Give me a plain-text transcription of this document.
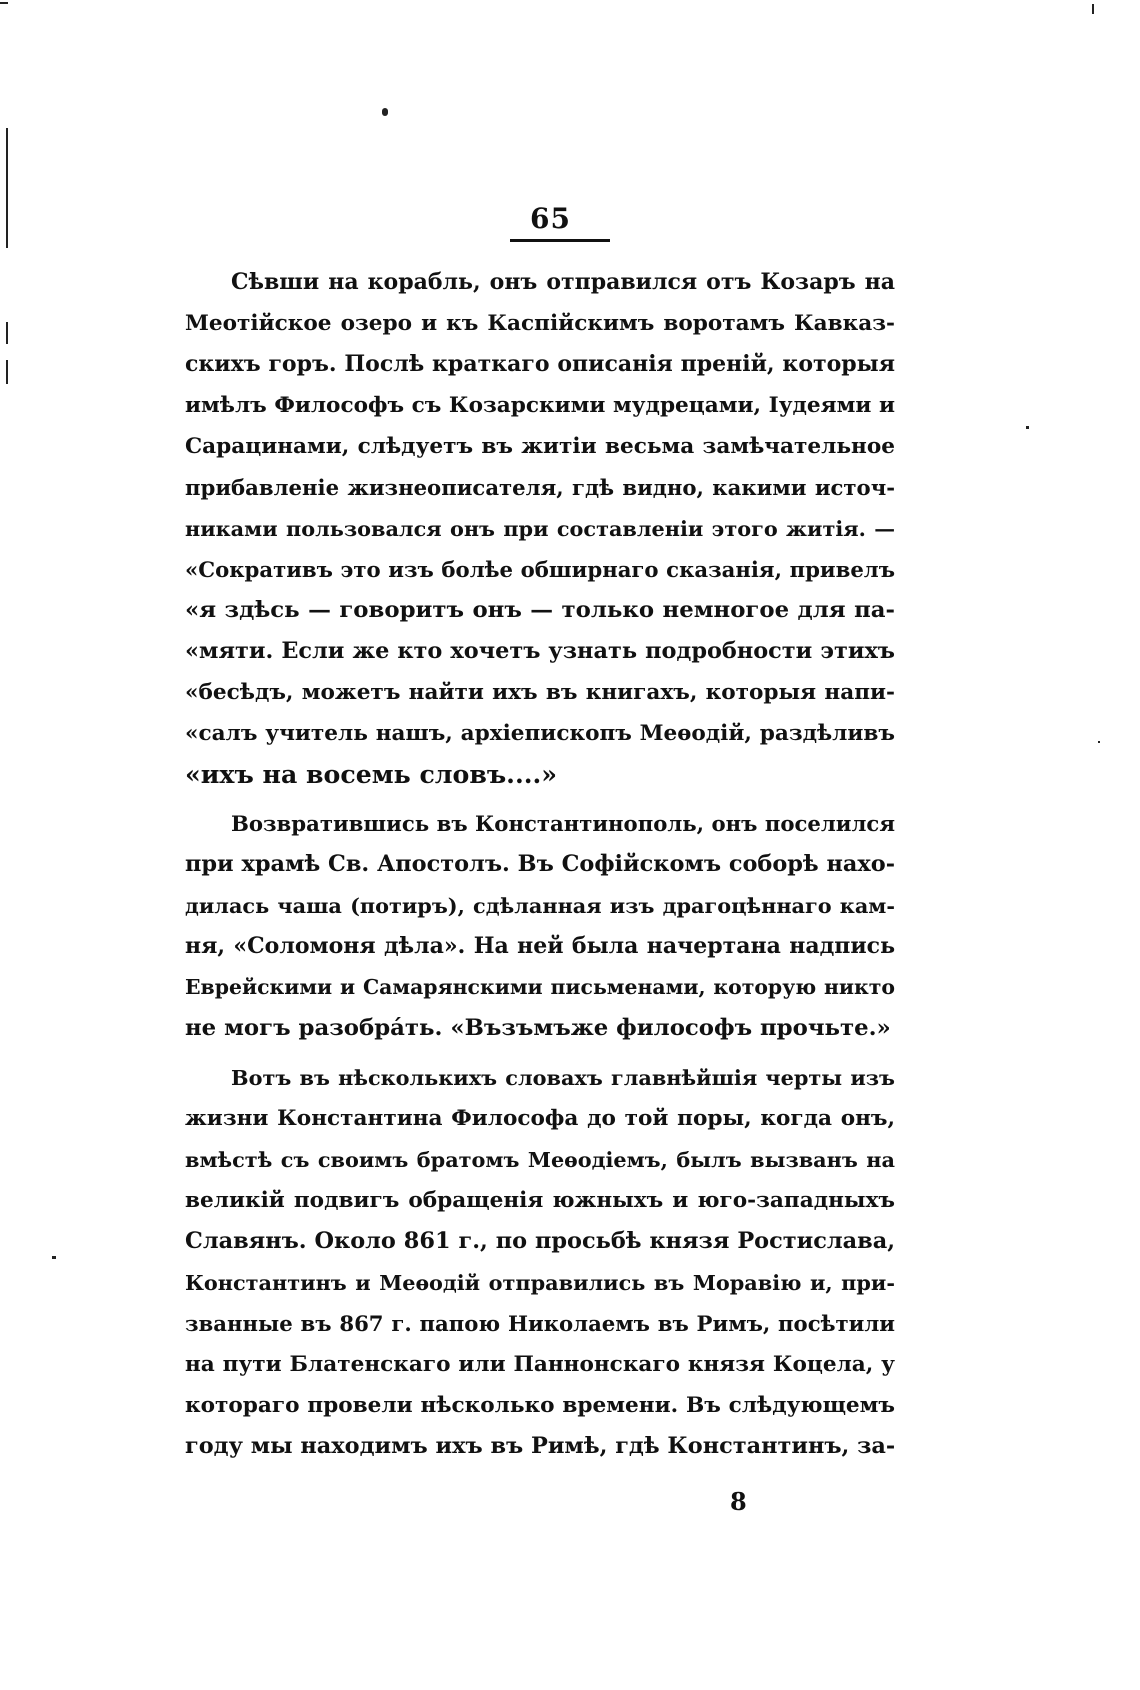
65
Сѣвши на корабль, онъ отправился отъ Козаръ на
Меотійское озеро и къ Каспійскимъ воротамъ Кавказ-
скихъ горъ. Послѣ краткаго описанія преній, которыя
имѣлъ Философъ съ Козарскими мудрецами, Іудеями и
Сарацинами, слѣдуетъ въ житіи весьма замѣчательное
прибавленіе жизнеописателя, гдѣ видно, какими источ-
никами пользовался онъ при составленіи этого житія. —
«Сокративъ это изъ болѣе обширнаго сказанія, привелъ
«я здѣсь — говоритъ онъ — только немногое для па-
«мяти. Если же кто хочетъ узнать подробности этихъ
«бесѣдъ, можетъ найти ихъ въ книгахъ, которыя напи-
«салъ учитель нашъ, архіепископъ Меѳодій, раздѣливъ
«ихъ на восемь словъ....»
Возвратившись въ Константинополь, онъ поселился
при храмѣ Св. Апостолъ. Въ Софійскомъ соборѣ нахо-
дилась чаша (потиръ), сдѣланная изъ драгоцѣннаго кам-
ня, «Соломоня дѣла». На ней была начертана надпись
Еврейскими и Самарянскими письменами, которую никто
не могъ разобрáть. «Възъмъже философъ прочьте.»
Вотъ въ нѣсколькихъ словахъ главнѣйшія черты изъ
жизни Константина Философа до той поры, когда онъ,
вмѣстѣ съ своимъ братомъ Меѳодіемъ, былъ вызванъ на
великій подвигъ обращенія южныхъ и юго-западныхъ
Славянъ. Около 861 г., по просьбѣ князя Ростислава,
Константинъ и Меѳодій отправились въ Моравію и, при-
званные въ 867 г. папою Николаемъ въ Римъ, посѣтили
на пути Блатенскаго или Паннонскаго князя Коцела, у
котораго провели нѣсколько времени. Въ слѣдующемъ
году мы находимъ ихъ въ Римѣ, гдѣ Константинъ, за-
8
